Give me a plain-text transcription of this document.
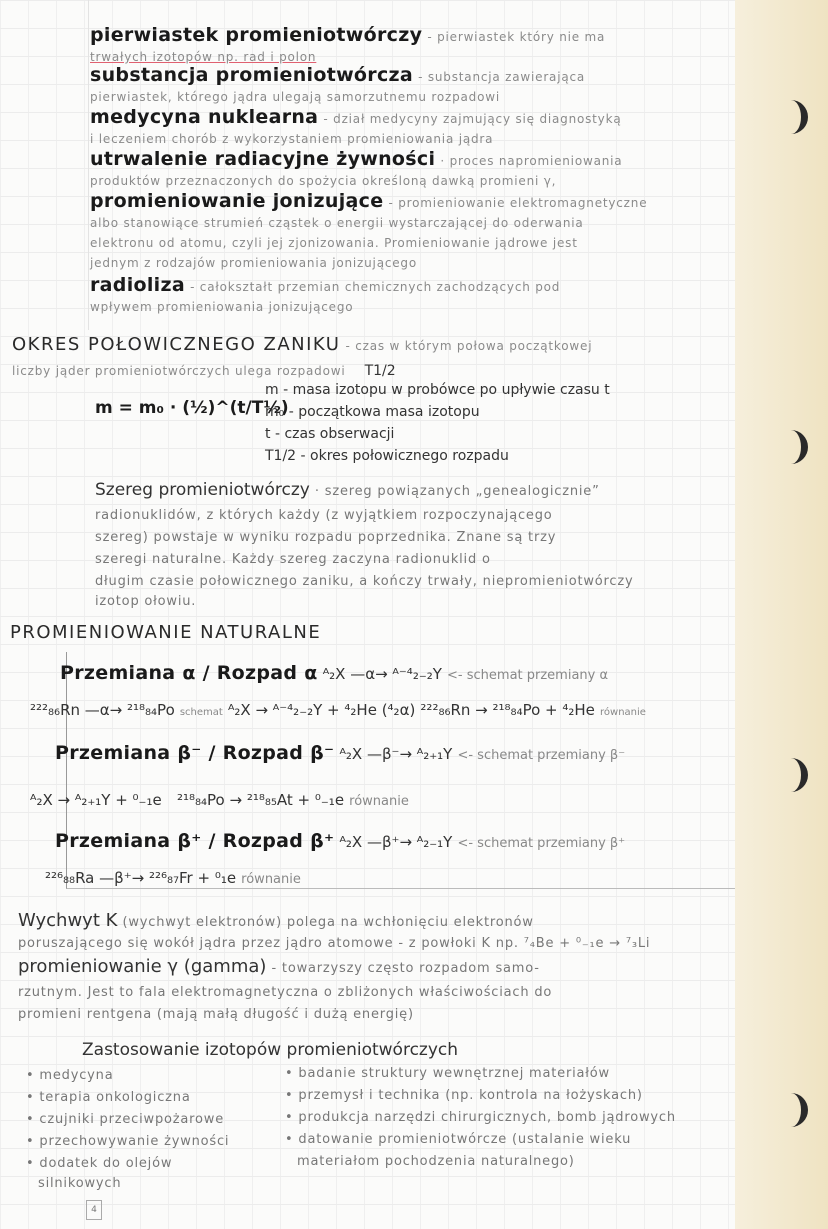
pierwiastek promieniotwórczy - pierwiastek który nie ma
trwałych izotopów np. rad i polon
substancja promieniotwórcza - substancja zawierająca
pierwiastek, którego jądra ulegają samorzutnemu rozpadowi
medycyna nuklearna - dział medycyny zajmujący się diagnostyką
i leczeniem chorób z wykorzystaniem promieniowania jądra
utrwalenie radiacyjne żywności · proces napromieniowania
produktów przeznaczonych do spożycia określoną dawką promieni γ,
promieniowanie jonizujące - promieniowanie elektromagnetyczne
albo stanowiące strumień cząstek o energii wystarczającej do oderwania
elektronu od atomu, czyli jej zjonizowania. Promieniowanie jądrowe jest
jednym z rodzajów promieniowania jonizującego
radioliza - całokształt przemian chemicznych zachodzących pod
wpływem promieniowania jonizującego
OKRES POŁOWICZNEGO ZANIKU - czas w którym połowa początkowej
liczby jąder promieniotwórczych ulega rozpadowi T1/2
m = m₀ · (½)^(t/T½)
m - masa izotopu w probówce po upływie czasu t
m₀ - początkowa masa izotopu
t - czas obserwacji
T1/2 - okres połowicznego rozpadu
Szereg promieniotwórczy · szereg powiązanych „genealogicznie”
radionuklidów, z których każdy (z wyjątkiem rozpoczynającego
szereg) powstaje w wyniku rozpadu poprzednika. Znane są trzy
szeregi naturalne. Każdy szereg zaczyna radionuklid o
długim czasie połowicznego zaniku, a kończy trwały, niepromieniotwórczy
izotop ołowiu.
PROMIENIOWANIE NATURALNE
Przemiana α / Rozpad α ᴬ₂X —α→ ᴬ⁻⁴₂₋₂Y <- schemat przemiany α
²²²₈₆Rn —α→ ²¹⁸₈₄Po schemat ᴬ₂X → ᴬ⁻⁴₂₋₂Y + ⁴₂He (⁴₂α) ²²²₈₆Rn → ²¹⁸₈₄Po + ⁴₂He równanie
Przemiana β⁻ / Rozpad β⁻ ᴬ₂X —β⁻→ ᴬ₂₊₁Y <- schemat przemiany β⁻
ᴬ₂X → ᴬ₂₊₁Y + ⁰₋₁e ²¹⁸₈₄Po → ²¹⁸₈₅At + ⁰₋₁e równanie
Przemiana β⁺ / Rozpad β⁺ ᴬ₂X —β⁺→ ᴬ₂₋₁Y <- schemat przemiany β⁺
²²⁶₈₈Ra —β⁺→ ²²⁶₈₇Fr + ⁰₁e równanie
Wychwyt K (wychwyt elektronów) polega na wchłonięciu elektronów
poruszającego się wokół jądra przez jądro atomowe - z powłoki K np. ⁷₄Be + ⁰₋₁e → ⁷₃Li
promieniowanie γ (gamma) - towarzyszy często rozpadom samo-
rzutnym. Jest to fala elektromagnetyczna o zbliżonych właściwościach do
promieni rentgena (mają małą długość i dużą energię)
Zastosowanie izotopów promieniotwórczych
• medycyna
• terapia onkologiczna
• czujniki przeciwpożarowe
• przechowywanie żywności
• dodatek do olejów
silnikowych
• badanie struktury wewnętrznej materiałów
• przemysł i technika (np. kontrola na łożyskach)
• produkcja narzędzi chirurgicznych, bomb jądrowych
• datowanie promieniotwórcze (ustalanie wieku
materiałom pochodzenia naturalnego)
4
